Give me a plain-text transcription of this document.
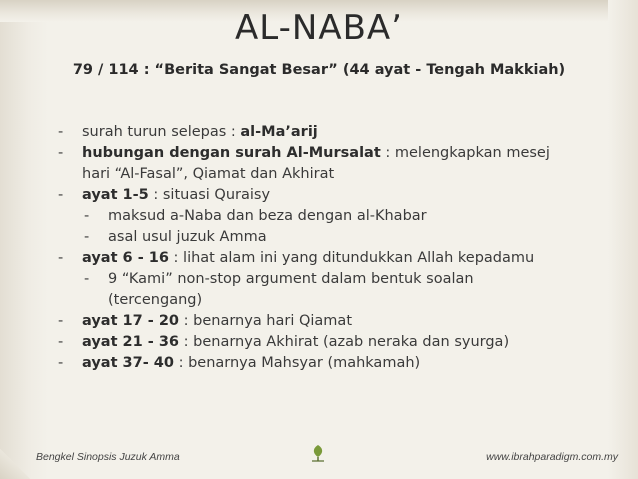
AL-NABA’
79 / 114 : “Berita Sangat Besar” (44 ayat - Tengah Makkiah)
- surah turun selepas : al-Ma’arij
- hubungan dengan surah Al-Mursalat : melengkapkan mesej
hari “Al-Fasal”, Qiamat dan Akhirat
- ayat 1-5 : situasi Quraisy
- maksud a-Naba dan beza dengan al-Khabar
- asal usul juzuk Amma
- ayat 6 - 16 : lihat alam ini yang ditundukkan Allah kepadamu
- 9 “Kami” non-stop argument dalam bentuk soalan
(tercengang)
- ayat 17 - 20 : benarnya hari Qiamat
- ayat 21 - 36 : benarnya Akhirat (azab neraka dan syurga)
- ayat 37- 40 : benarnya Mahsyar (mahkamah)
Bengkel Sinopsis Juzuk Amma	www.ibrahparadigm.com.my
